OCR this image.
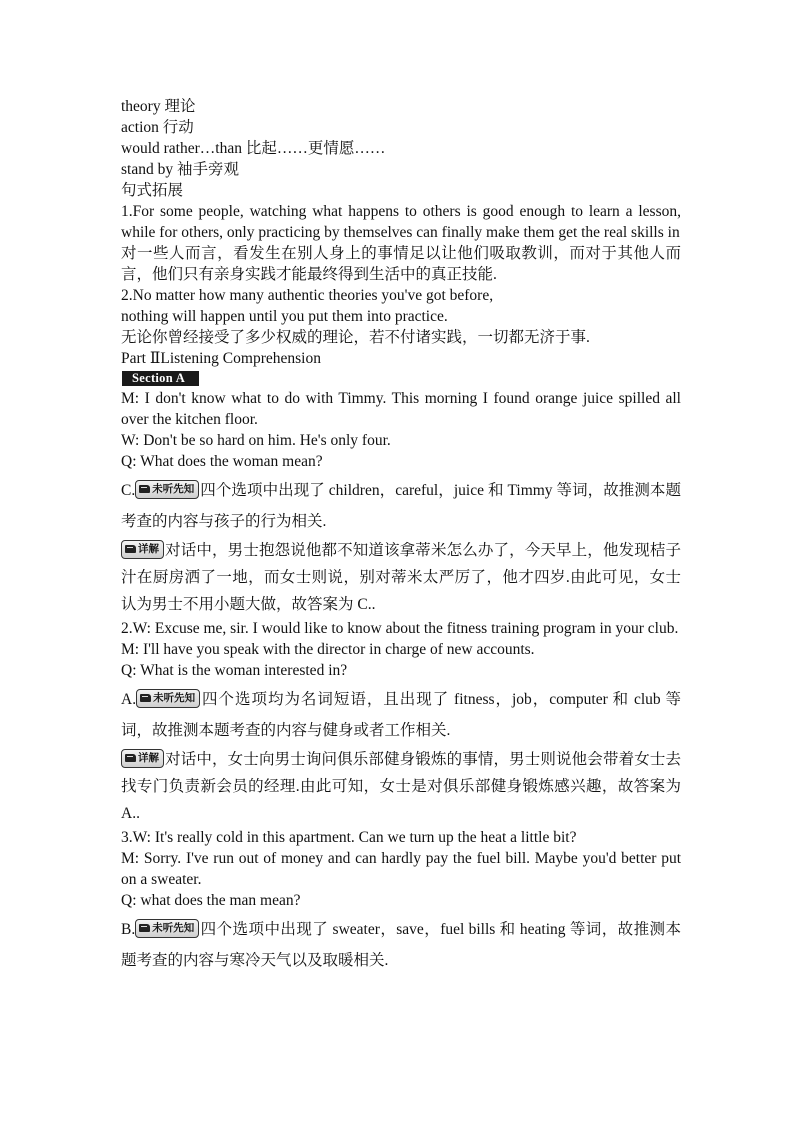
theory 理论
action 行动
would rather…than 比起……更情愿……
stand by 袖手旁观
句式拓展
1.For some people, watching what happens to others is good enough to learn a lesson, while for others, only practicing by themselves can finally make them get the real skills in
对一些人而言，看发生在别人身上的事情足以让他们吸取教训，而对于其他人而言，他们只有亲身实践才能最终得到生活中的真正技能.
2.No matter how many authentic theories you've got before,
nothing will happen until you put them into practice.
无论你曾经接受了多少权威的理论，若不付诸实践，一切都无济于事.
Part ⅡListening Comprehension
Section A
M: I don't know what to do with Timmy. This morning I found orange juice spilled all over the kitchen floor.
W: Don't be so hard on him. He's only four.
Q: What does the woman mean?
C. 未听先知 四个选项中出现了 children，careful，juice 和 Timmy 等词，故推测本题考查的内容与孩子的行为相关.
详解 对话中，男士抱怨说他都不知道该拿蒂米怎么办了，今天早上，他发现桔子汁在厨房洒了一地，而女士则说，别对蒂米太严厉了，他才四岁.由此可见，女士认为男士不用小题大做，故答案为 C..
2.W: Excuse me, sir. I would like to know about the fitness training program in your club.
M: I'll have you speak with the director in charge of new accounts.
Q: What is the woman interested in?
A. 未听先知 四个选项均为名词短语，且出现了 fitness，job，computer 和 club 等词，故推测本题考查的内容与健身或者工作相关.
详解 对话中，女士向男士询问俱乐部健身锻炼的事情，男士则说他会带着女士去找专门负责新会员的经理.由此可知，女士是对俱乐部健身锻炼感兴趣，故答案为 A..
3.W: It's really cold in this apartment. Can we turn up the heat a little bit?
M: Sorry. I've run out of money and can hardly pay the fuel bill. Maybe you'd better put on a sweater.
Q: what does the man mean?
B. 未听先知 四个选项中出现了 sweater，save，fuel bills 和 heating 等词，故推测本题考查的内容与寒冷天气以及取暖相关.
